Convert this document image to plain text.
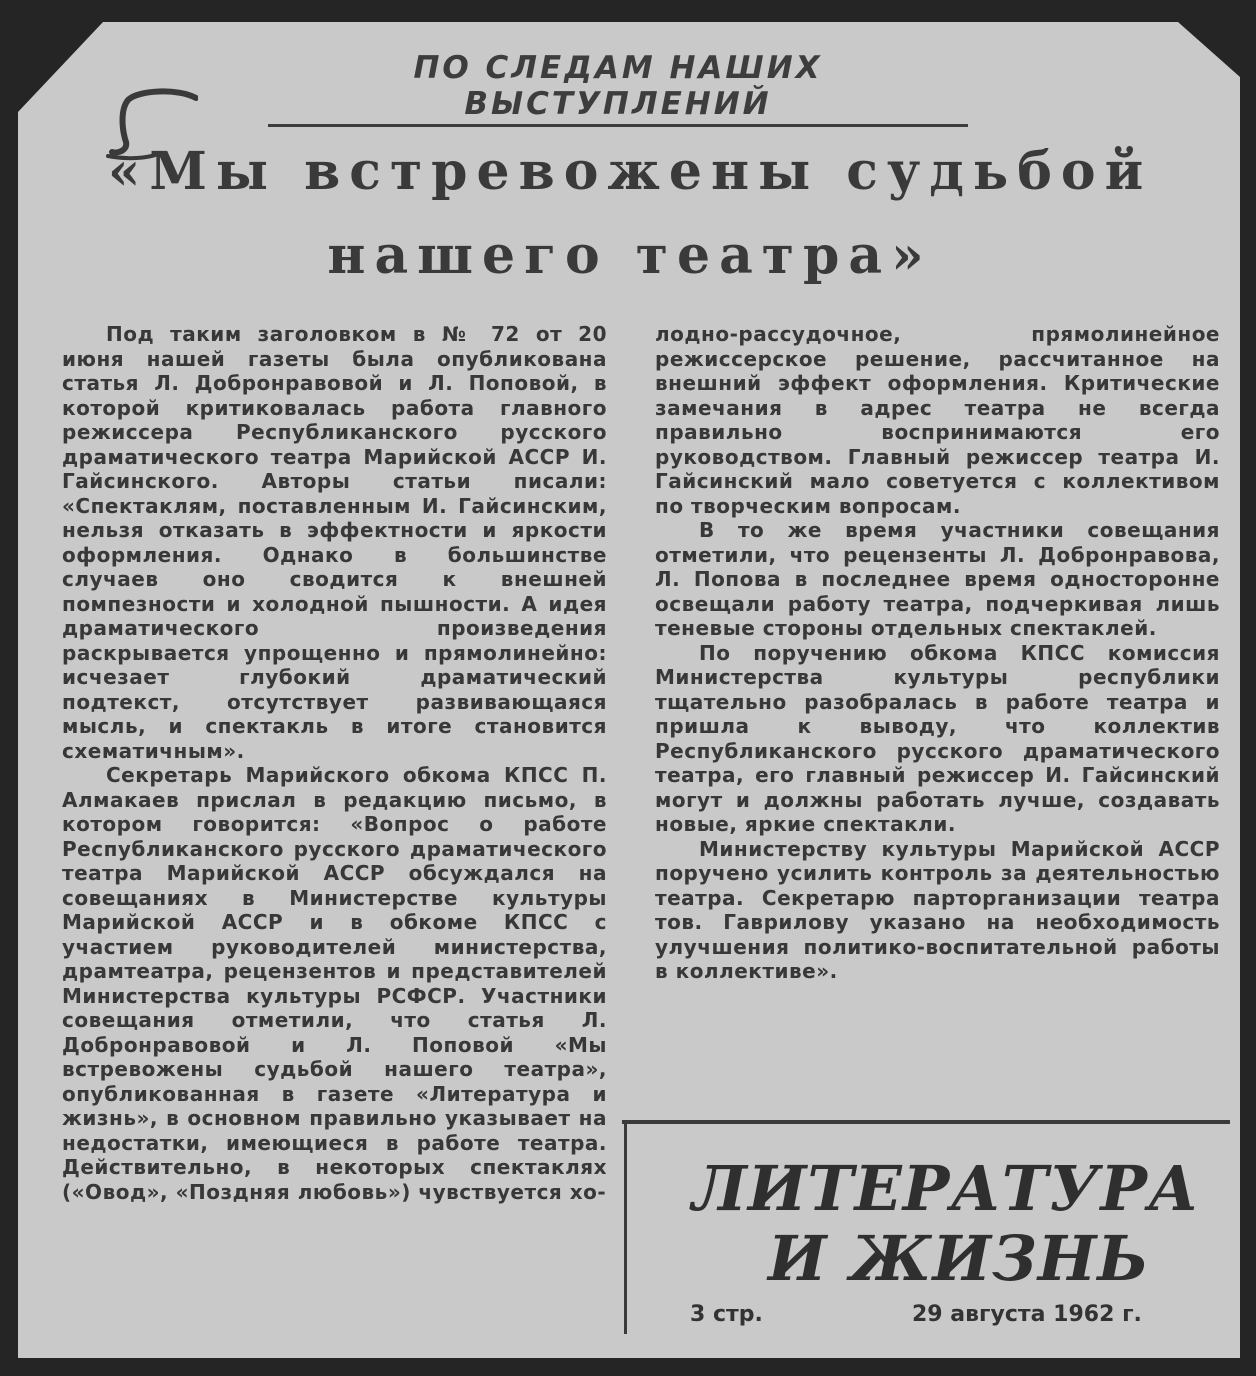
ПО СЛЕДАМ НАШИХ ВЫСТУПЛЕНИЙ
«Мы встревожены судьбой нашего театра»

Под таким заголовком в № 72 от 20 июня нашей газеты была опубликована статья Л. Добронравовой и Л. Поповой, в которой критиковалась работа главного режиссера Республиканского русского драматического театра Марийской АССР И. Гайсинского. Авторы статьи писали: «Спектаклям, поставленным И. Гайсинским, нельзя отказать в эффектности и яркости оформления. Однако в большинстве случаев оно сводится к внешней помпезности и холодной пышности. А идея драматического произведения раскрывается упрощенно и прямолинейно: исчезает глубокий драматический подтекст, отсутствует развивающаяся мысль, и спектакль в итоге становится схематичным».

Секретарь Марийского обкома КПСС П. Алмакаев прислал в редакцию письмо, в котором говорится: «Вопрос о работе Республиканского русского драматического театра Марийской АССР обсуждался на совещаниях в Министерстве культуры Марийской АССР и в обкоме КПСС с участием руководителей министерства, драмтеатра, рецензентов и представителей Министерства культуры РСФСР. Участники совещания отметили, что статья Л. Добронравовой и Л. Поповой «Мы встревожены судьбой нашего театра», опубликованная в газете «Литература и жизнь», в основном правильно указывает на недостатки, имеющиеся в работе театра. Действительно, в некоторых спектаклях («Овод», «Поздняя любовь») чувствуется хо-

лодно-рассудочное, прямолинейное режиссерское решение, рассчитанное на внешний эффект оформления. Критические замечания в адрес театра не всегда правильно воспринимаются его руководством. Главный режиссер театра И. Гайсинский мало советуется с коллективом по творческим вопросам.

В то же время участники совещания отметили, что рецензенты Л. Добронравова, Л. Попова в последнее время односторонне освещали работу театра, подчеркивая лишь теневые стороны отдельных спектаклей.

По поручению обкома КПСС комиссия Министерства культуры республики тщательно разобралась в работе театра и пришла к выводу, что коллектив Республиканского русского драматического театра, его главный режиссер И. Гайсинский могут и должны работать лучше, создавать новые, яркие спектакли.

Министерству культуры Марийской АССР поручено усилить контроль за деятельностью театра. Секретарю парторганизации театра тов. Гаврилову указано на необходимость улучшения политико-воспитательной работы в коллективе».

ЛИТЕРАТУРА
И ЖИЗНЬ
3 стр.	29 августа 1962 г.
